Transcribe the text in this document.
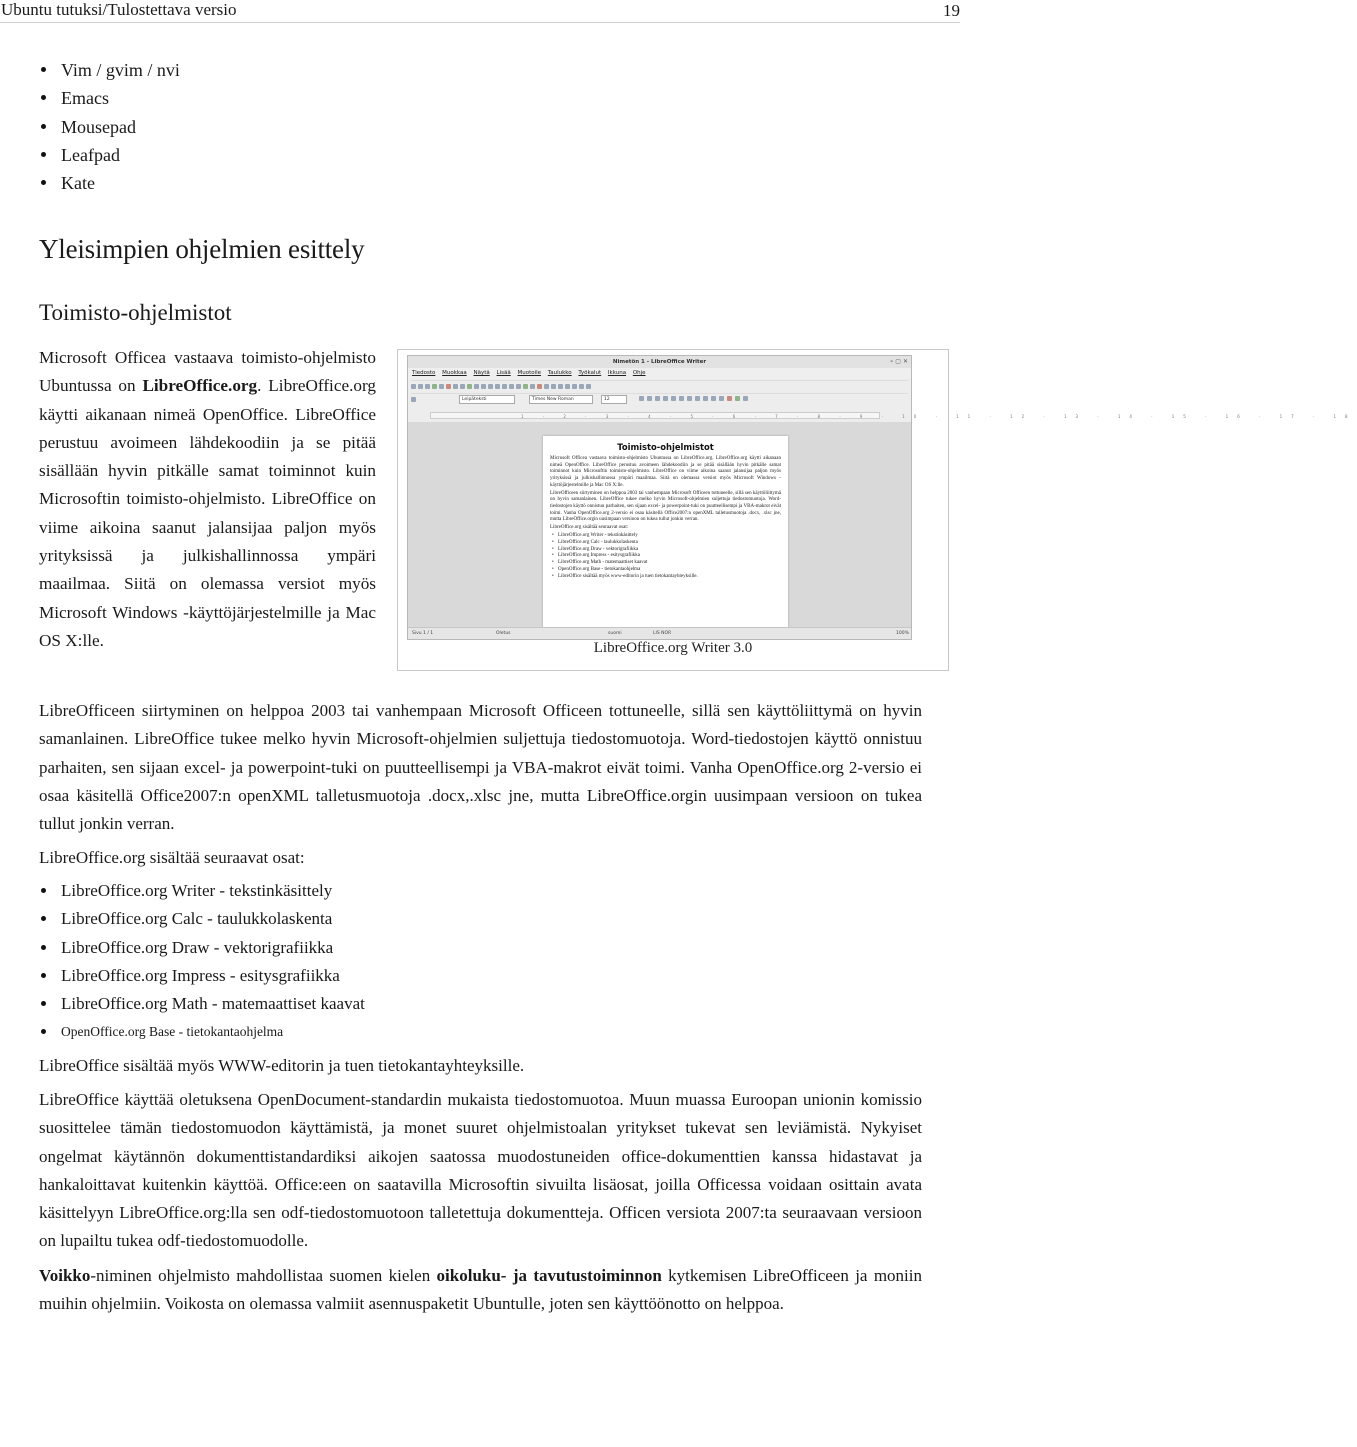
Ubuntu tutuksi/Tulostettava versio	19
Vim / gvim / nvi
Emacs
Mousepad
Leafpad
Kate
Yleisimpien ohjelmien esittely
Toimisto-ohjelmistot

Microsoft Officea vastaava toimisto-ohjelmisto Ubuntussa on LibreOffice.org. LibreOffice.org käytti aikanaan nimeä OpenOffice. LibreOffice perustuu avoimeen lähdekoodiin ja se pitää sisällään hyvin pitkälle samat toiminnot kuin Microsoftin toimisto-ohjelmisto. LibreOffice on viime aikoina saanut jalansijaa paljon myös yrityksissä ja julkishallinnossa ympäri maailmaa. Siitä on olemassa versiot myös Microsoft Windows -käyttöjärjestelmille ja Mac OS X:lle.

Nimetön 1 - LibreOffice Writer	– ▢ ✕
Tiedosto Muokkaa Näytä Lisää Muotoile Taulukko Työkalut Ikkuna Ohje
Leipäteksti	Times New Roman	12
1 · 2 · 3 · 4 · 5 · 6 · 7 · 8 · 9 · 10 · 11 · 12 · 13 · 14 · 15 · 16 · 17 · 18
Toimisto-ohjelmistot

Microsoft Officea vastaava toimisto-ohjelmisto Ubuntussa on LibreOffice.org. LibreOffice.org käytti aikanaan nimeä OpenOffice. LibreOffice perustuu avoimeen lähdekoodiin ja se pitää sisällään hyvin pitkälle samat toiminnot kuin Microsoftin toimisto-ohjelmisto. LibreOffice on viime aikoina saanut jalansijaa paljon myös yrityksissä ja julkishallinnossa ympäri maailmaa. Siitä on olemassa versiot myös Microsoft Windows -käyttöjärjestelmille ja Mac OS X:lle.

LibreOfficeen siirtyminen on helppoa 2003 tai vanhempaan Microsoft Officeen tottuneelle, sillä sen käyttöliittymä on hyvin samanlainen. LibreOffice tukee melko hyvin Microsoft-ohjelmien suljettuja tiedostomuotoja. Word-tiedostojen käyttö onnistuu parhaiten, sen sijaan excel- ja powerpoint-tuki on puutteellisempi ja VBA-makrot eivät toimi. Vanha OpenOffice.org 2-versio ei osaa käsitellä Office2007:n openXML talletusmuotoja .docx, .xlsc jne, mutta LibreOffice.orgin uusimpaan versioon on tukea tullut jonkin verran.

LibreOffice.org sisältää seuraavat osat:

• LibreOffice.org Writer - tekstinkäsittely
• LibreOffice.org Calc - taulukkolaskenta
• LibreOffice.org Draw - vektorigrafiikka
• LibreOffice.org Impress - esitysgrafiikka
• LibreOffice.org Math - matemaattiset kaavat
• OpenOffice.org Base - tietokantaohjelma
• LibreOffice sisältää myös www-editorin ja tuen tietokantayhteyksille.
Sivu 1 / 1	Oletus	suomi	LIS NOR	100%
LibreOffice.org Writer 3.0

LibreOfficeen siirtyminen on helppoa 2003 tai vanhempaan Microsoft Officeen tottuneelle, sillä sen käyttöliittymä on hyvin samanlainen. LibreOffice tukee melko hyvin Microsoft-ohjelmien suljettuja tiedostomuotoja. Word-tiedostojen käyttö onnistuu parhaiten, sen sijaan excel- ja powerpoint-tuki on puutteellisempi ja VBA-makrot eivät toimi. Vanha OpenOffice.org 2-versio ei osaa käsitellä Office2007:n openXML talletusmuotoja .docx,.xlsc jne, mutta LibreOffice.orgin uusimpaan versioon on tukea tullut jonkin verran.

LibreOffice.org sisältää seuraavat osat:

LibreOffice.org Writer - tekstinkäsittely
LibreOffice.org Calc - taulukkolaskenta
LibreOffice.org Draw - vektorigrafiikka
LibreOffice.org Impress - esitysgrafiikka
LibreOffice.org Math - matemaattiset kaavat
OpenOffice.org Base - tietokantaohjelma

LibreOffice sisältää myös WWW-editorin ja tuen tietokantayhteyksille.

LibreOffice käyttää oletuksena OpenDocument-standardin mukaista tiedostomuotoa. Muun muassa Euroopan unionin komissio suosittelee tämän tiedostomuodon käyttämistä, ja monet suuret ohjelmistoalan yritykset tukevat sen leviämistä. Nykyiset ongelmat käytännön dokumenttistandardiksi aikojen saatossa muodostuneiden office-dokumenttien kanssa hidastavat ja hankaloittavat kuitenkin käyttöä. Office:een on saatavilla Microsoftin sivuilta lisäosat, joilla Officessa voidaan osittain avata käsittelyyn LibreOffice.org:lla sen odf-tiedostomuotoon talletettuja dokumentteja. Officen versiota 2007:ta seuraavaan versioon on lupailtu tukea odf-tiedostomuodolle.

Voikko-niminen ohjelmisto mahdollistaa suomen kielen oikoluku- ja tavutustoiminnon kytkemisen LibreOfficeen ja moniin muihin ohjelmiin. Voikosta on olemassa valmiit asennuspaketit Ubuntulle, joten sen käyttöönotto on helppoa.
